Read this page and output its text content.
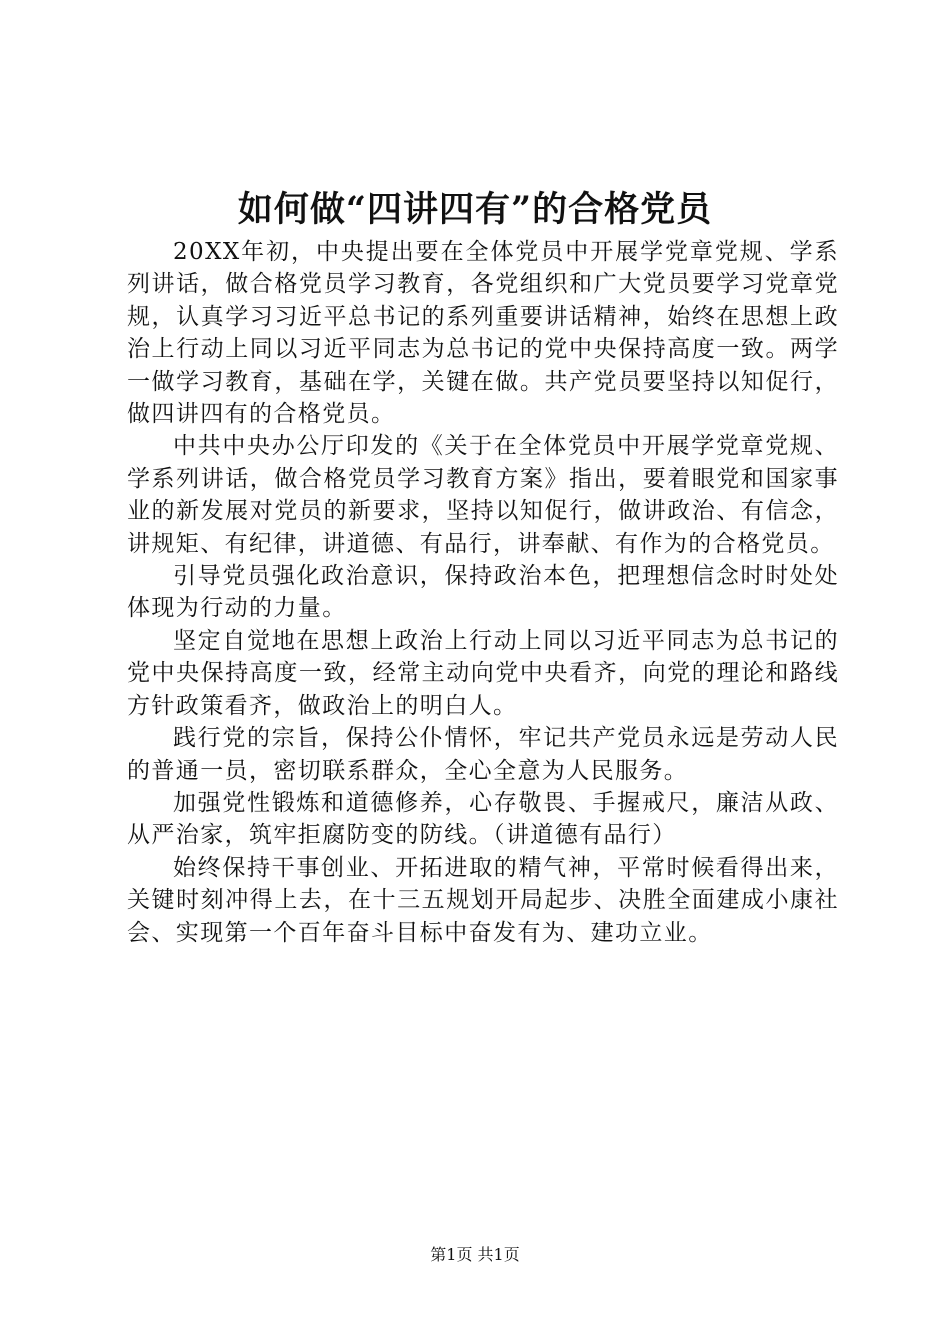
如何做“四讲四有”的合格党员

20XX年初，中央提出要在全体党员中开展学党章党规、学系列讲话，做合格党员学习教育，各党组织和广大党员要学习党章党规，认真学习习近平总书记的系列重要讲话精神，始终在思想上政治上行动上同以习近平同志为总书记的党中央保持高度一致。两学一做学习教育，基础在学，关键在做。共产党员要坚持以知促行，做四讲四有的合格党员。

中共中央办公厅印发的《关于在全体党员中开展学党章党规、学系列讲话，做合格党员学习教育方案》指出，要着眼党和国家事业的新发展对党员的新要求，坚持以知促行，做讲政治、有信念，讲规矩、有纪律，讲道德、有品行，讲奉献、有作为的合格党员。

引导党员强化政治意识，保持政治本色，把理想信念时时处处体现为行动的力量。

坚定自觉地在思想上政治上行动上同以习近平同志为总书记的党中央保持高度一致，经常主动向党中央看齐，向党的理论和路线方针政策看齐，做政治上的明白人。

践行党的宗旨，保持公仆情怀，牢记共产党员永远是劳动人民的普通一员，密切联系群众，全心全意为人民服务。

加强党性锻炼和道德修养，心存敬畏、手握戒尺，廉洁从政、从严治家，筑牢拒腐防变的防线。（讲道德有品行）

始终保持干事创业、开拓进取的精气神，平常时候看得出来，关键时刻冲得上去，在十三五规划开局起步、决胜全面建成小康社会、实现第一个百年奋斗目标中奋发有为、建功立业。

第1页 共1页
